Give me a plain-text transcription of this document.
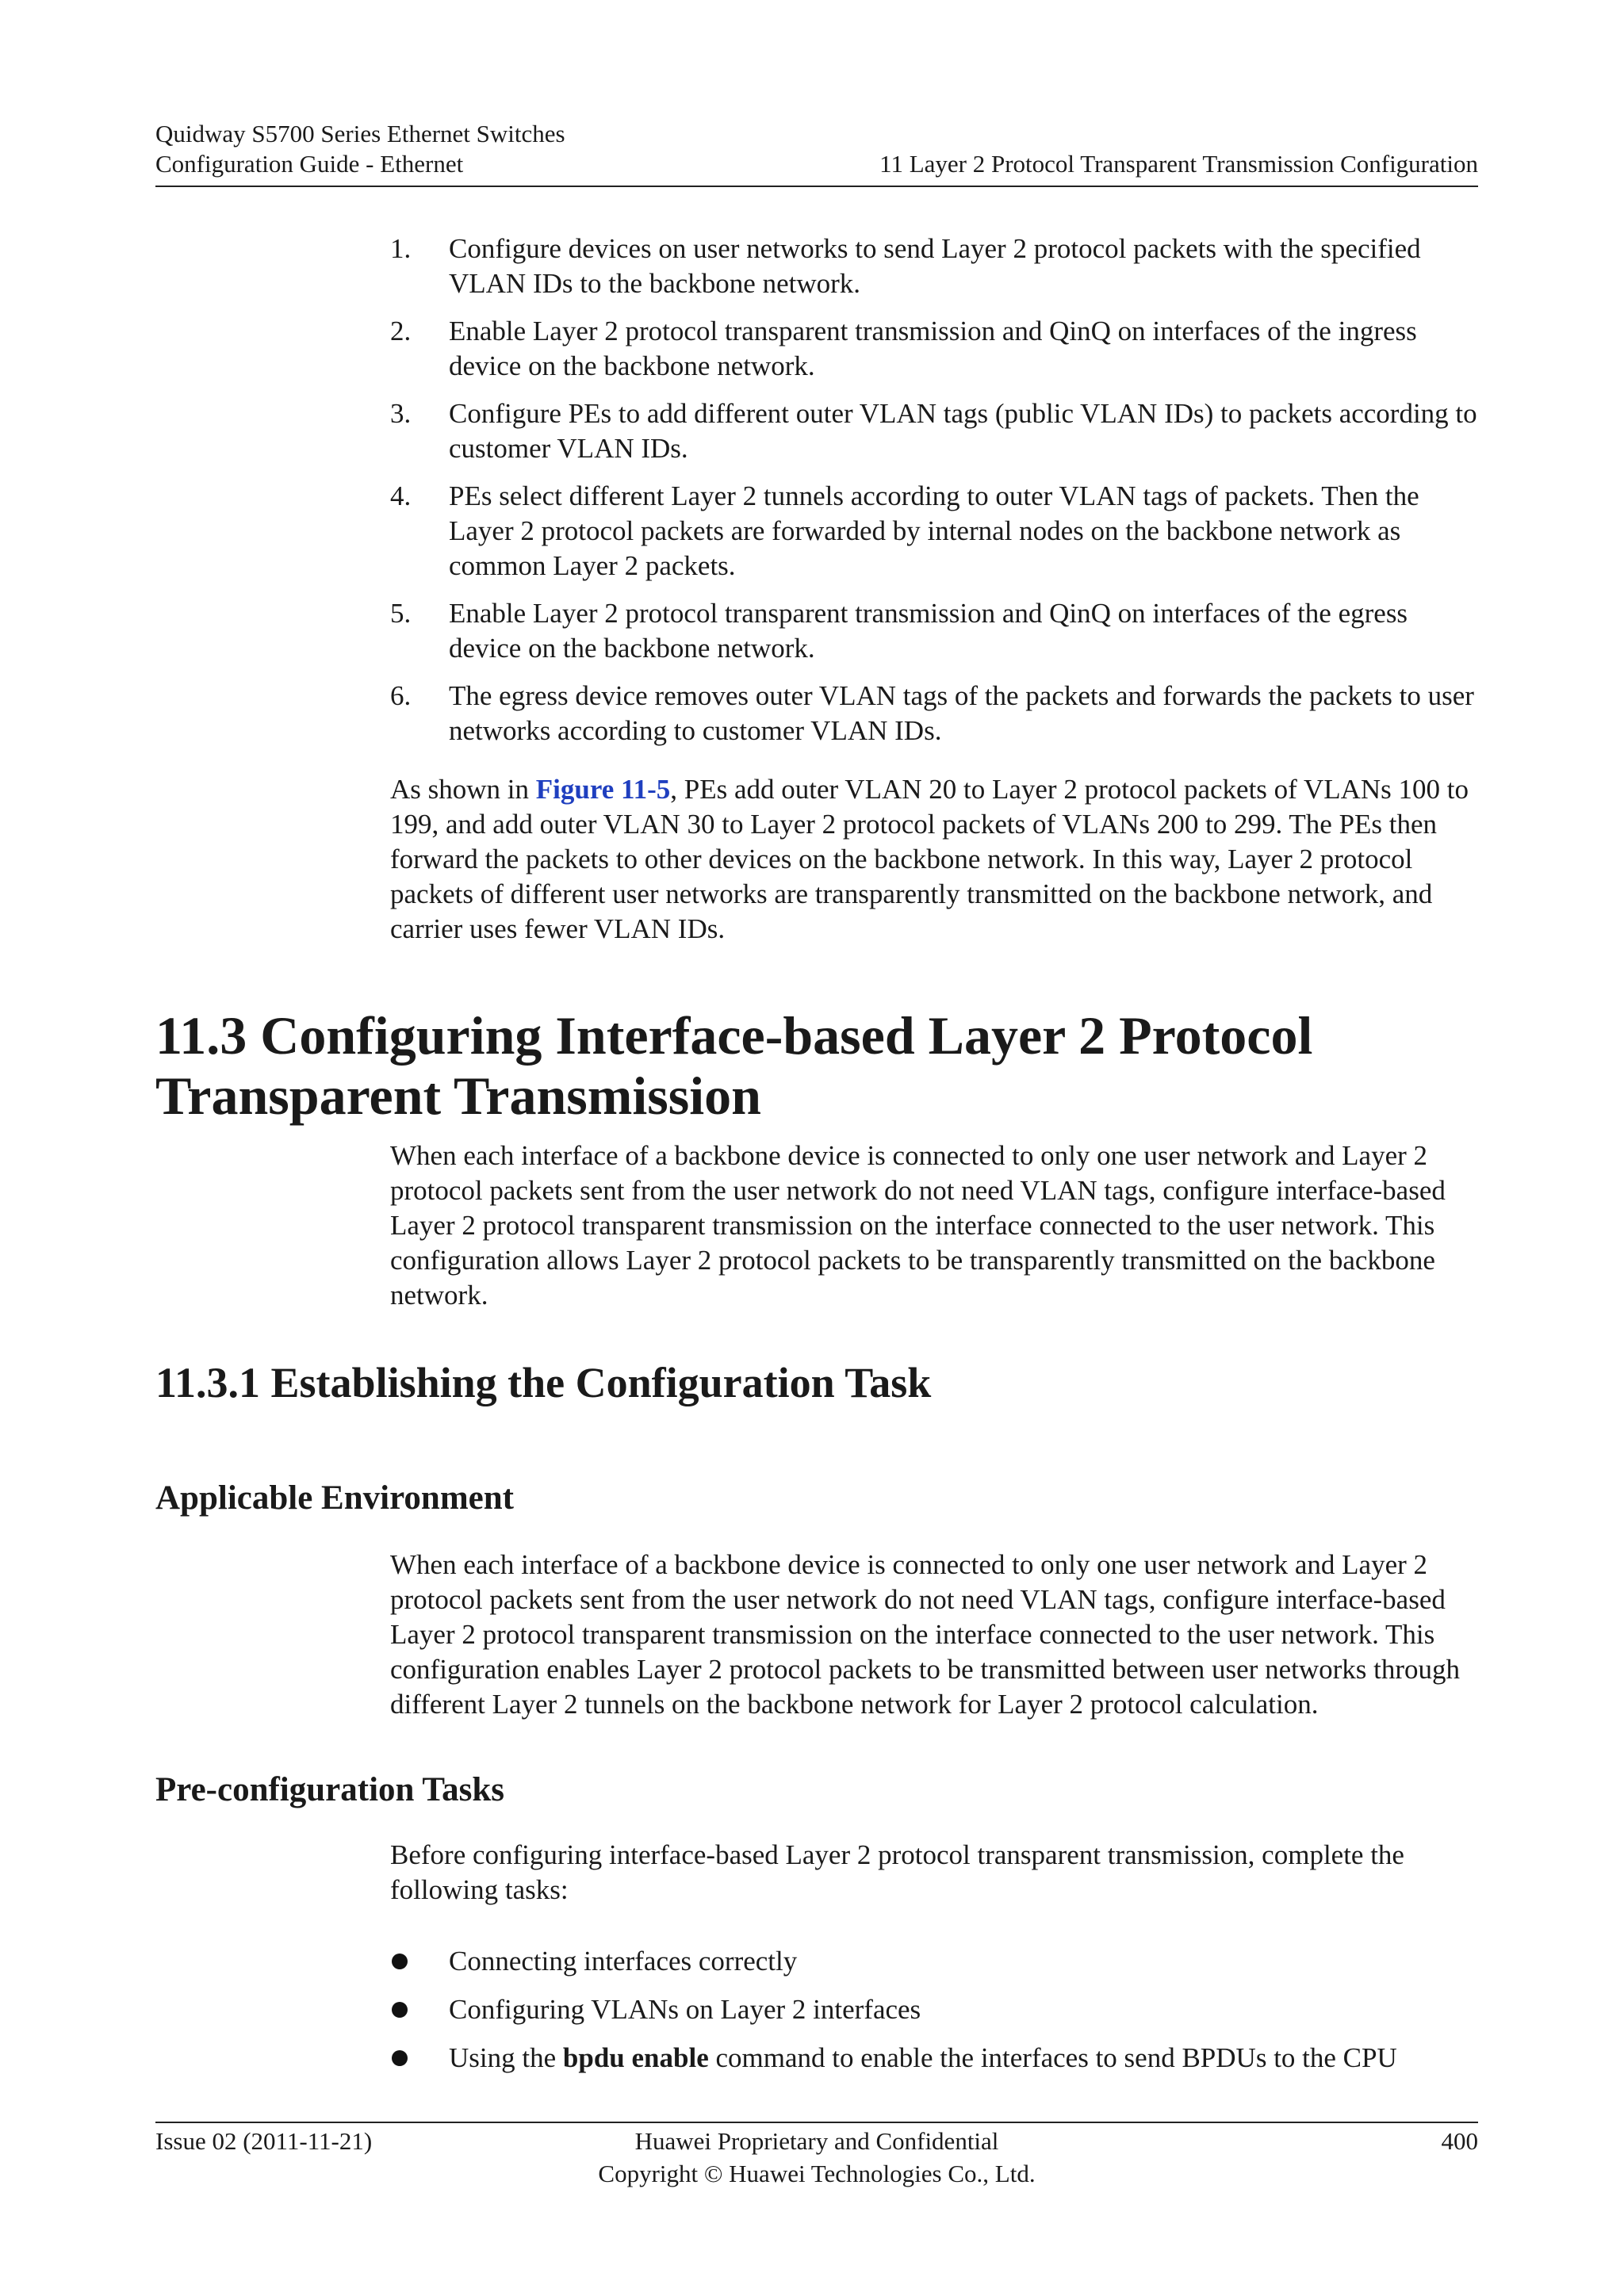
Quidway S5700 Series Ethernet Switches
Configuration Guide - Ethernet	11 Layer 2 Protocol Transparent Transmission Configuration
1.	Configure devices on user networks to send Layer 2 protocol packets with the specified VLAN IDs to the backbone network.
2.	Enable Layer 2 protocol transparent transmission and QinQ on interfaces of the ingress device on the backbone network.
3.	Configure PEs to add different outer VLAN tags (public VLAN IDs) to packets according to customer VLAN IDs.
4.	PEs select different Layer 2 tunnels according to outer VLAN tags of packets. Then the Layer 2 protocol packets are forwarded by internal nodes on the backbone network as common Layer 2 packets.
5.	Enable Layer 2 protocol transparent transmission and QinQ on interfaces of the egress device on the backbone network.
6.	The egress device removes outer VLAN tags of the packets and forwards the packets to user networks according to customer VLAN IDs.

As shown in Figure 11-5, PEs add outer VLAN 20 to Layer 2 protocol packets of VLANs 100 to 199, and add outer VLAN 30 to Layer 2 protocol packets of VLANs 200 to 299. The PEs then forward the packets to other devices on the backbone network. In this way, Layer 2 protocol packets of different user networks are transparently transmitted on the backbone network, and carrier uses fewer VLAN IDs.

11.3 Configuring Interface-based Layer 2 Protocol
Transparent Transmission

When each interface of a backbone device is connected to only one user network and Layer 2 protocol packets sent from the user network do not need VLAN tags, configure interface-based Layer 2 protocol transparent transmission on the interface connected to the user network. This configuration allows Layer 2 protocol packets to be transparently transmitted on the backbone network.

11.3.1 Establishing the Configuration Task
Applicable Environment

When each interface of a backbone device is connected to only one user network and Layer 2 protocol packets sent from the user network do not need VLAN tags, configure interface-based Layer 2 protocol transparent transmission on the interface connected to the user network. This configuration enables Layer 2 protocol packets to be transmitted between user networks through different Layer 2 tunnels on the backbone network for Layer 2 protocol calculation.

Pre-configuration Tasks

Before configuring interface-based Layer 2 protocol transparent transmission, complete the following tasks:

Connecting interfaces correctly
Configuring VLANs on Layer 2 interfaces
Using the bpdu enable command to enable the interfaces to send BPDUs to the CPU
Issue 02 (2011-11-21)	Huawei Proprietary and Confidential
Copyright © Huawei Technologies Co., Ltd.
400
